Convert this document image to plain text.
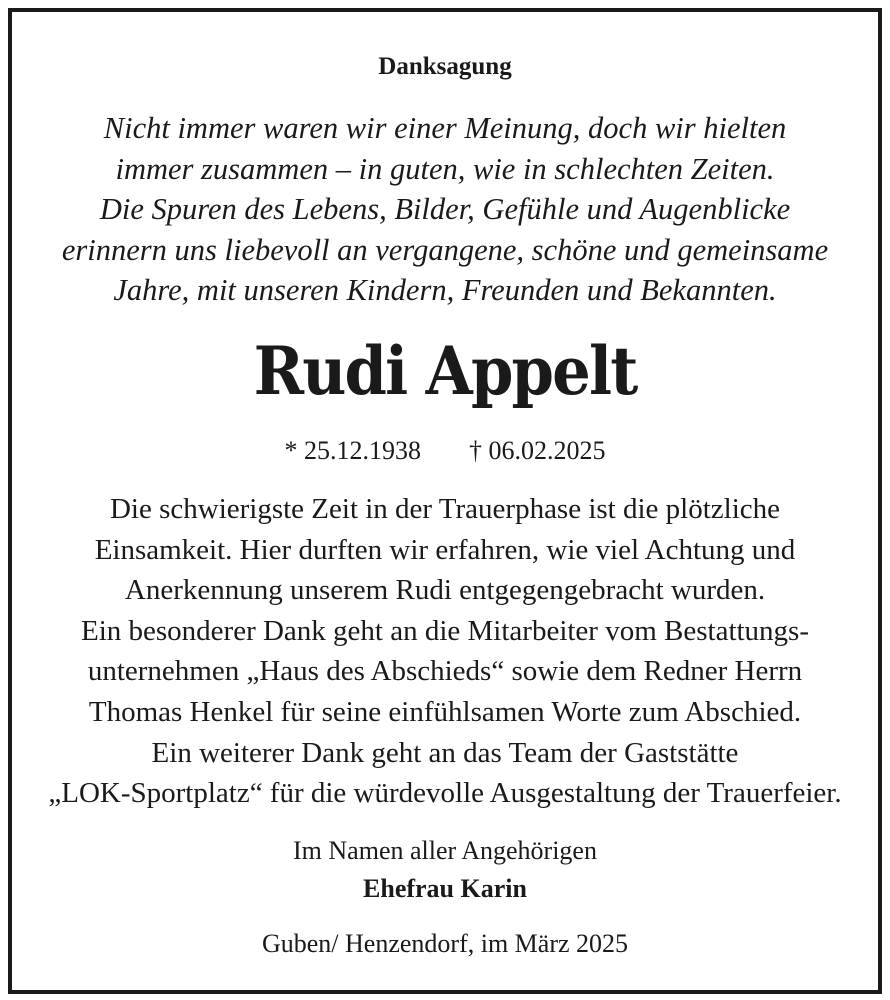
Danksagung
Nicht immer waren wir einer Meinung, doch wir hielten
immer zusammen – in guten, wie in schlechten Zeiten.
Die Spuren des Lebens, Bilder, Gefühle und Augenblicke
erinnern uns liebevoll an vergangene, schöne und gemeinsame
Jahre, mit unseren Kindern, Freunden und Bekannten.
Rudi Appelt
* 25.12.1938 † 06.02.2025
Die schwierigste Zeit in der Trauerphase ist die plötzliche
Einsamkeit. Hier durften wir erfahren, wie viel Achtung und
Anerkennung unserem Rudi entgegengebracht wurden.
Ein besonderer Dank geht an die Mitarbeiter vom Bestattungs-
unternehmen „Haus des Abschieds“ sowie dem Redner Herrn
Thomas Henkel für seine einfühlsamen Worte zum Abschied.
Ein weiterer Dank geht an das Team der Gaststätte
„LOK-Sportplatz“ für die würdevolle Ausgestaltung der Trauerfeier.
Im Namen aller Angehörigen
Ehefrau Karin
Guben/ Henzendorf, im März 2025
